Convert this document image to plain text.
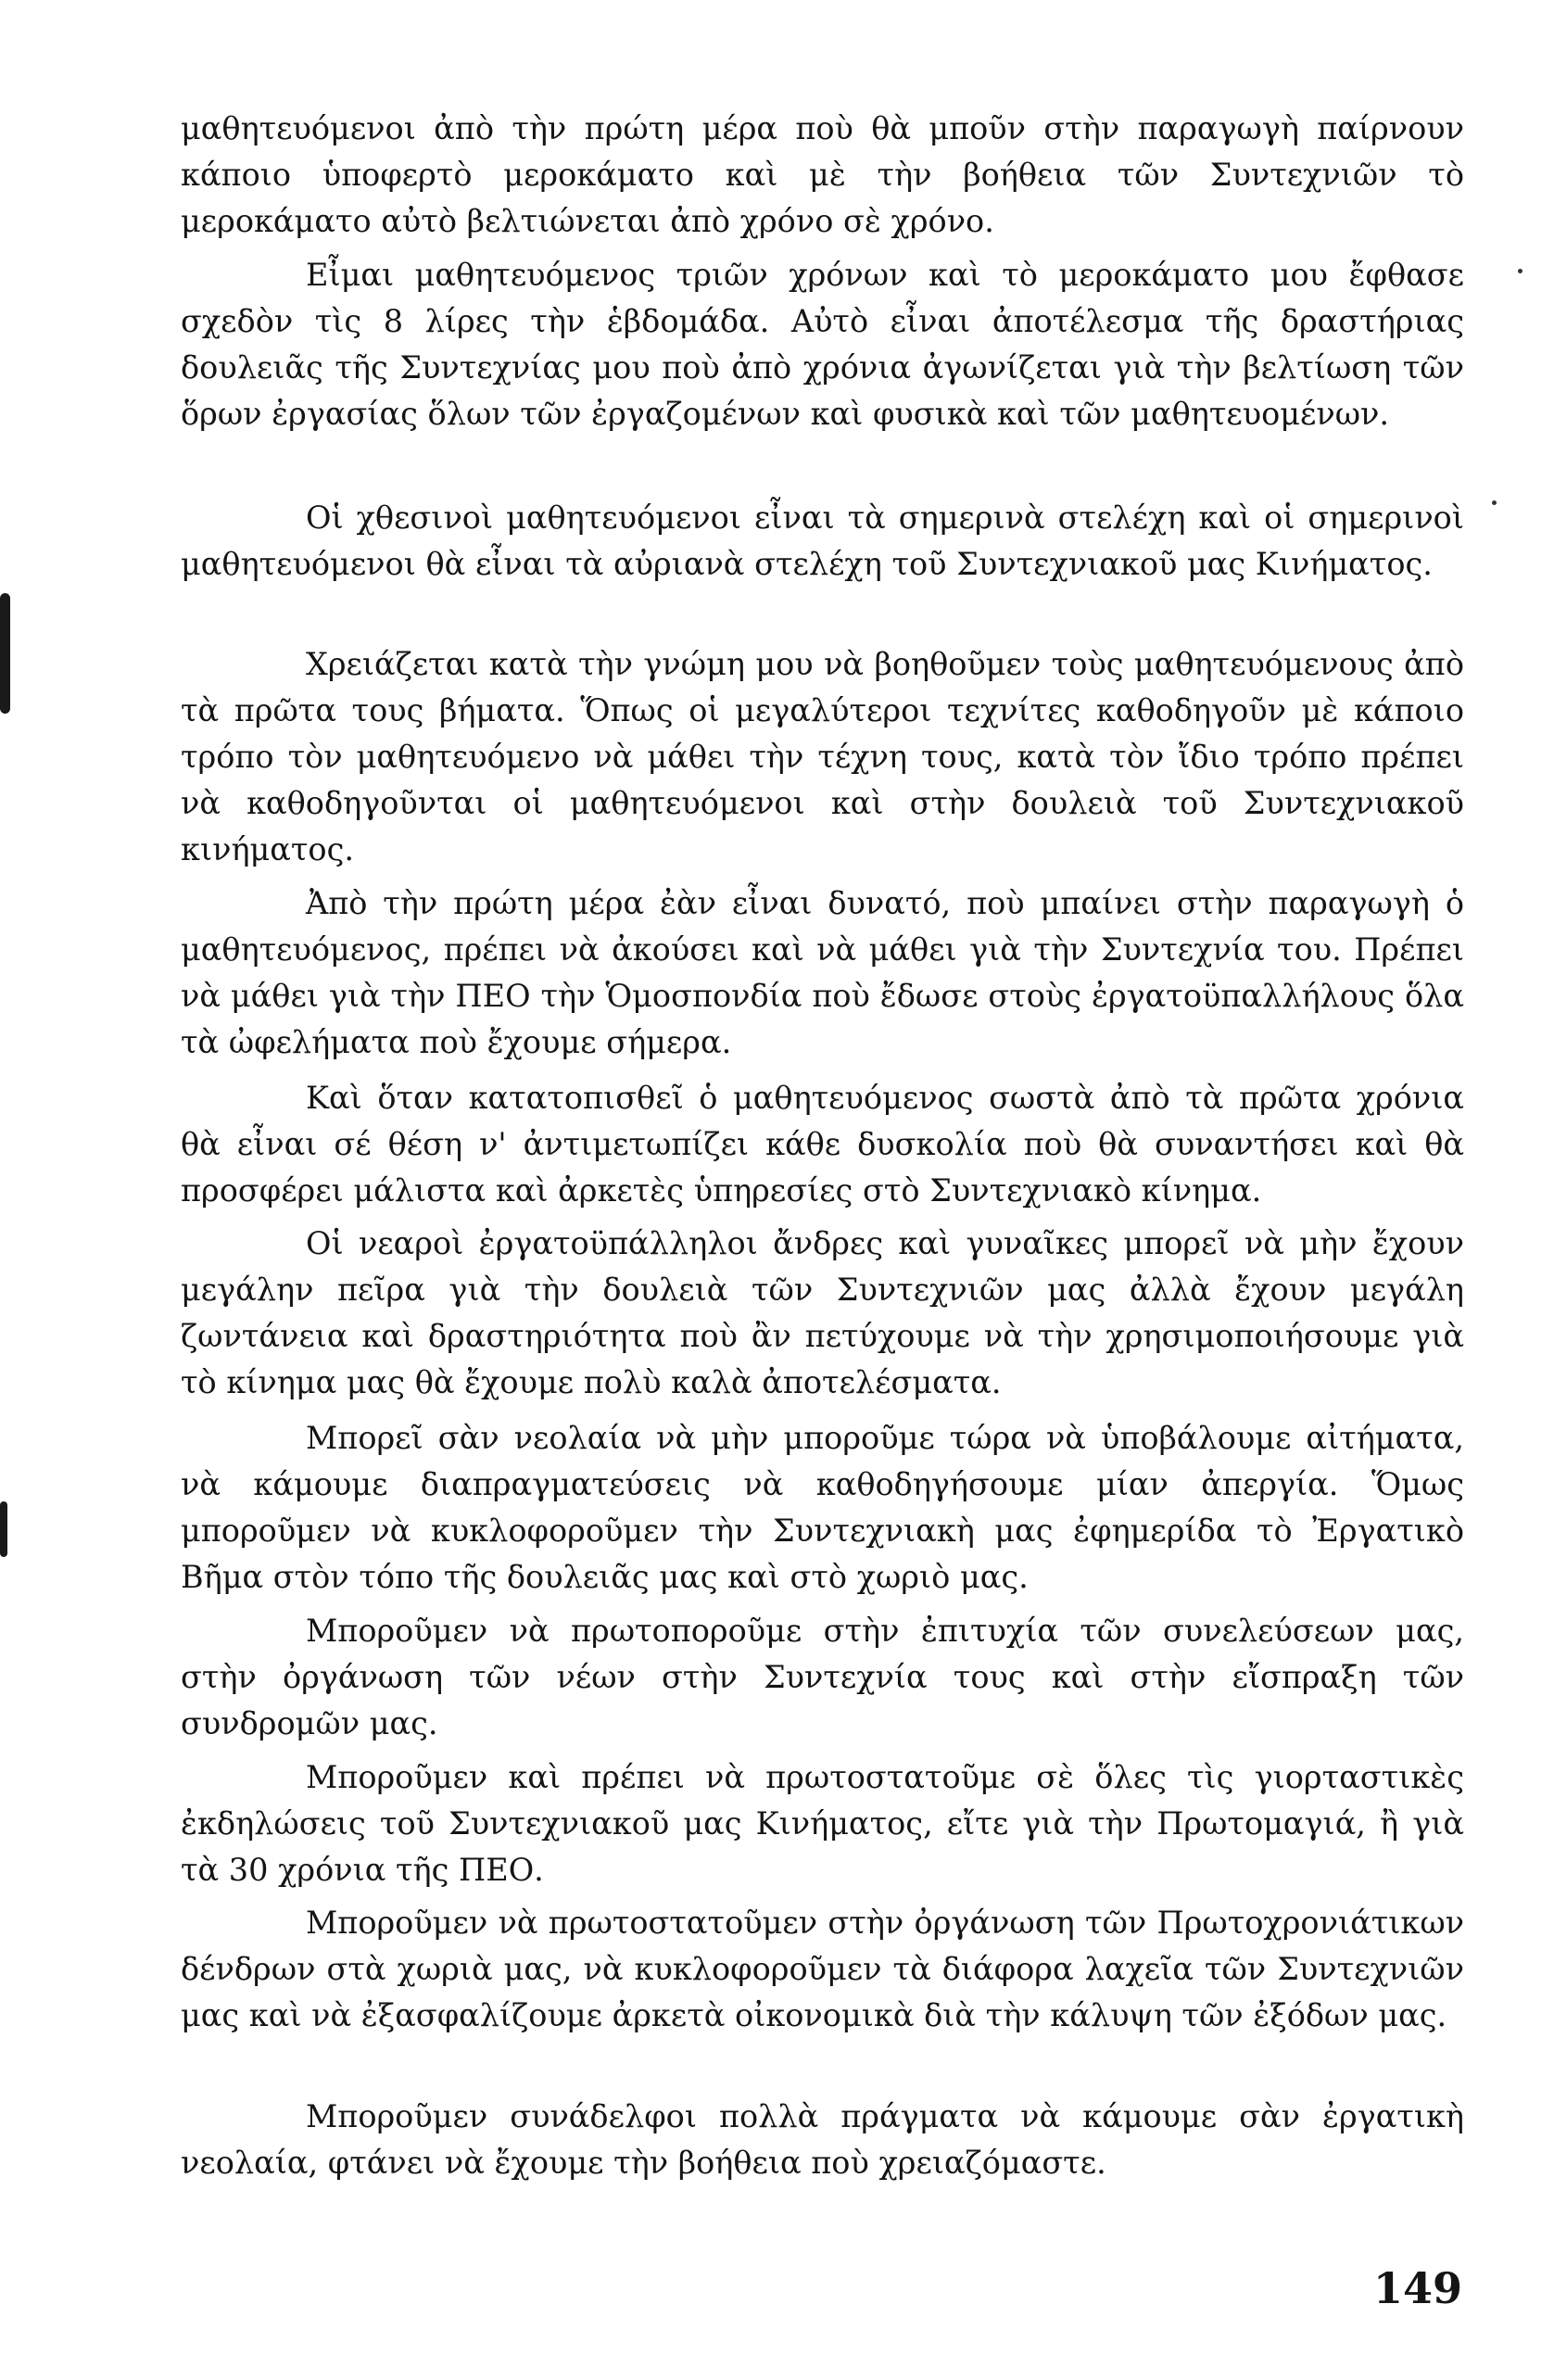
μαθητευόμενοι ἀπὸ τὴν πρώτη μέρα ποὺ θὰ μποῦν στὴν παραγωγὴ παίρνουν κάποιο ὑποφερτὸ μεροκάματο καὶ μὲ τὴν βοήθεια τῶν Συντεχνιῶν τὸ μεροκάματο αὐτὸ βελτιώνεται ἀπὸ χρόνο σὲ χρόνο.

Εἶμαι μαθητευόμενος τριῶν χρόνων καὶ τὸ μεροκάματο μου ἔφθασε σχεδὸν τὶς 8 λίρες τὴν ἑβδομάδα. Αὐτὸ εἶναι ἀποτέλεσμα τῆς δραστήριας δουλειᾶς τῆς Συντεχνίας μου ποὺ ἀπὸ χρόνια ἀγωνίζεται γιὰ τὴν βελτίωση τῶν ὅρων ἐργασίας ὅλων τῶν ἐργαζομένων καὶ φυσικὰ καὶ τῶν μαθητευομένων.

Οἱ χθεσινοὶ μαθητευόμενοι εἶναι τὰ σημερινὰ στελέχη καὶ οἱ σημερινοὶ μαθητευόμενοι θὰ εἶναι τὰ αὐριανὰ στελέχη τοῦ Συντεχνιακοῦ μας Κινήματος.

Χρειάζεται κατὰ τὴν γνώμη μου νὰ βοηθοῦμεν τοὺς μαθητευόμενους ἀπὸ τὰ πρῶτα τους βήματα. Ὅπως οἱ μεγαλύτεροι τεχνίτες καθοδηγοῦν μὲ κάποιο τρόπο τὸν μαθητευόμενο νὰ μάθει τὴν τέχνη τους, κατὰ τὸν ἴδιο τρόπο πρέπει νὰ καθοδηγοῦνται οἱ μαθητευόμενοι καὶ στὴν δουλειὰ τοῦ Συντεχνιακοῦ κινήματος.

Ἀπὸ τὴν πρώτη μέρα ἐὰν εἶναι δυνατό, ποὺ μπαίνει στὴν παραγωγὴ ὁ μαθητευόμενος, πρέπει νὰ ἀκούσει καὶ νὰ μάθει γιὰ τὴν Συντεχνία του. Πρέπει νὰ μάθει γιὰ τὴν ΠΕΟ τὴν Ὁμοσπονδία ποὺ ἔδωσε στοὺς ἐργατοϋπαλλήλους ὅλα τὰ ὠφελήματα ποὺ ἔχουμε σήμερα.

Καὶ ὅταν κατατοπισθεῖ ὁ μαθητευόμενος σωστὰ ἀπὸ τὰ πρῶτα χρόνια θὰ εἶναι σέ θέση ν' ἀντιμετωπίζει κάθε δυσκολία ποὺ θὰ συναντήσει καὶ θὰ προσφέρει μάλιστα καὶ ἀρκετὲς ὑπηρεσίες στὸ Συντεχνιακὸ κίνημα.

Οἱ νεαροὶ ἐργατοϋπάλληλοι ἄνδρες καὶ γυναῖκες μπορεῖ νὰ μὴν ἔχουν μεγάλην πεῖρα γιὰ τὴν δουλειὰ τῶν Συντεχνιῶν μας ἀλλὰ ἔχουν μεγάλη ζωντάνεια καὶ δραστηριότητα ποὺ ἂν πετύχουμε νὰ τὴν χρησιμοποιήσουμε γιὰ τὸ κίνημα μας θὰ ἔχουμε πολὺ καλὰ ἀποτελέσματα.

Μπορεῖ σὰν νεολαία νὰ μὴν μποροῦμε τώρα νὰ ὑποβάλουμε αἰτήματα, νὰ κάμουμε διαπραγματεύσεις νὰ καθοδηγήσουμε μίαν ἀπεργία. Ὅμως μποροῦμεν νὰ κυκλοφοροῦμεν τὴν Συντεχνιακὴ μας ἐφημερίδα τὸ Ἐργατικὸ Βῆμα στὸν τόπο τῆς δουλειᾶς μας καὶ στὸ χωριὸ μας.

Μποροῦμεν νὰ πρωτοποροῦμε στὴν ἐπιτυχία τῶν συνελεύσεων μας, στὴν ὀργάνωση τῶν νέων στὴν Συντεχνία τους καὶ στὴν εἴσπραξη τῶν συνδρομῶν μας.

Μποροῦμεν καὶ πρέπει νὰ πρωτοστατοῦμε σὲ ὅλες τὶς γιορταστικὲς ἐκδηλώσεις τοῦ Συντεχνιακοῦ μας Κινήματος, εἴτε γιὰ τὴν Πρωτομαγιά, ἢ γιὰ τὰ 30 χρόνια τῆς ΠΕΟ.

Μποροῦμεν νὰ πρωτοστατοῦμεν στὴν ὀργάνωση τῶν Πρωτοχρονιάτικων δένδρων στὰ χωριὰ μας, νὰ κυκλοφοροῦμεν τὰ διάφορα λαχεῖα τῶν Συντεχνιῶν μας καὶ νὰ ἐξασφαλίζουμε ἀρκετὰ οἰκονομικὰ διὰ τὴν κάλυψη τῶν ἐξόδων μας.

Μποροῦμεν συνάδελφοι πολλὰ πράγματα νὰ κάμουμε σὰν ἐργατικὴ νεολαία, φτάνει νὰ ἔχουμε τὴν βοήθεια ποὺ χρειαζόμαστε.

149
